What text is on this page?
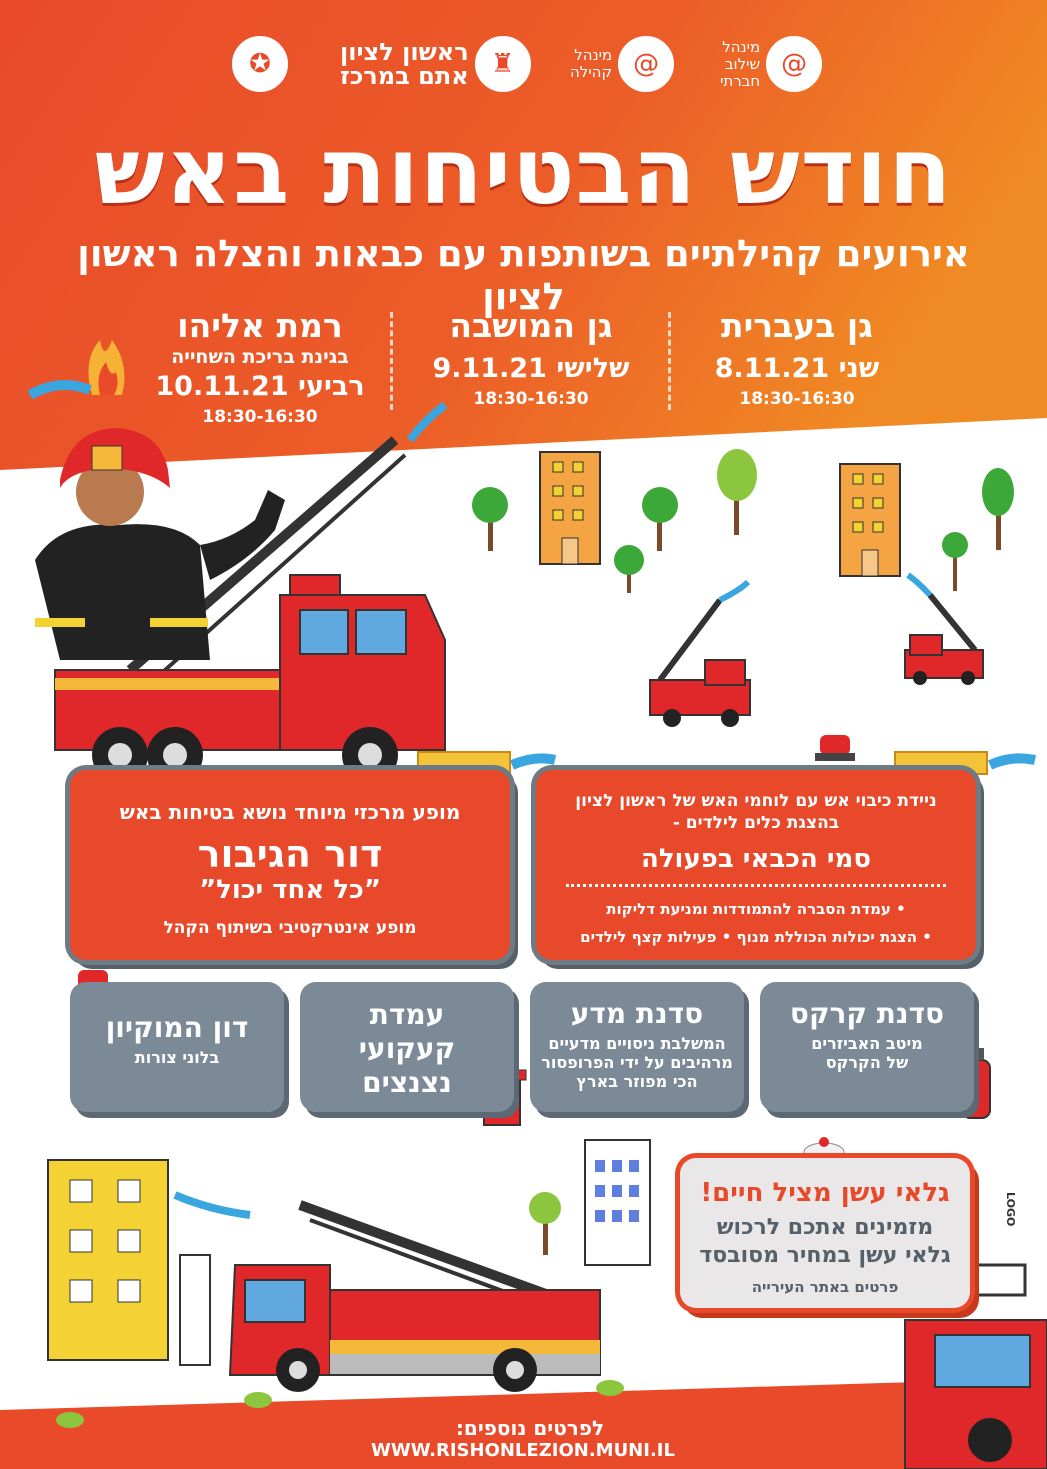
✪	♜
ראשון לציון
אתם במרכז	@
מינהל
קהילה	@
מינהל
שילוב
חברתי
חודש הבטיחות באש
אירועים קהילתיים בשותפות עם כבאות והצלה ראשון לציון
גן בעברית
שני 8.11.21
18:30-16:30
גן המושבה
שלישי 9.11.21
18:30-16:30
רמת אליהו
בגינת בריכת השחייה
רביעי 10.11.21
18:30-16:30
מופע מרכזי מיוחד נושא בטיחות באש
דור הגיבור
”כל אחד יכול”
מופע אינטרקטיבי בשיתוף הקהל
ניידת כיבוי אש עם לוחמי האש של ראשון לציון
בהצגת כלים לילדים -
סמי הכבאי בפעולה
• עמדת הסברה להתמודדות ומניעת דליקות
• הצגת יכולות הכוללת מנוף • פעילות קצף לילדים
סדנת קרקס
מיטב האביזרים
של הקרקס
סדנת מדע
המשלבת ניסויים מדעיים
מרהיבים על ידי הפרופסור
הכי מפוזר בארץ
עמדת
קעקועי
נצנצים
דון המוקיון
בלוני צורות
גלאי עשן מציל חיים!
מזמינים אתכם לרכוש
גלאי עשן במחיר מסובסד
פרטים באתר העירייה
LOGO
לפרטים נוספים: WWW.RISHONLEZION.MUNI.IL
